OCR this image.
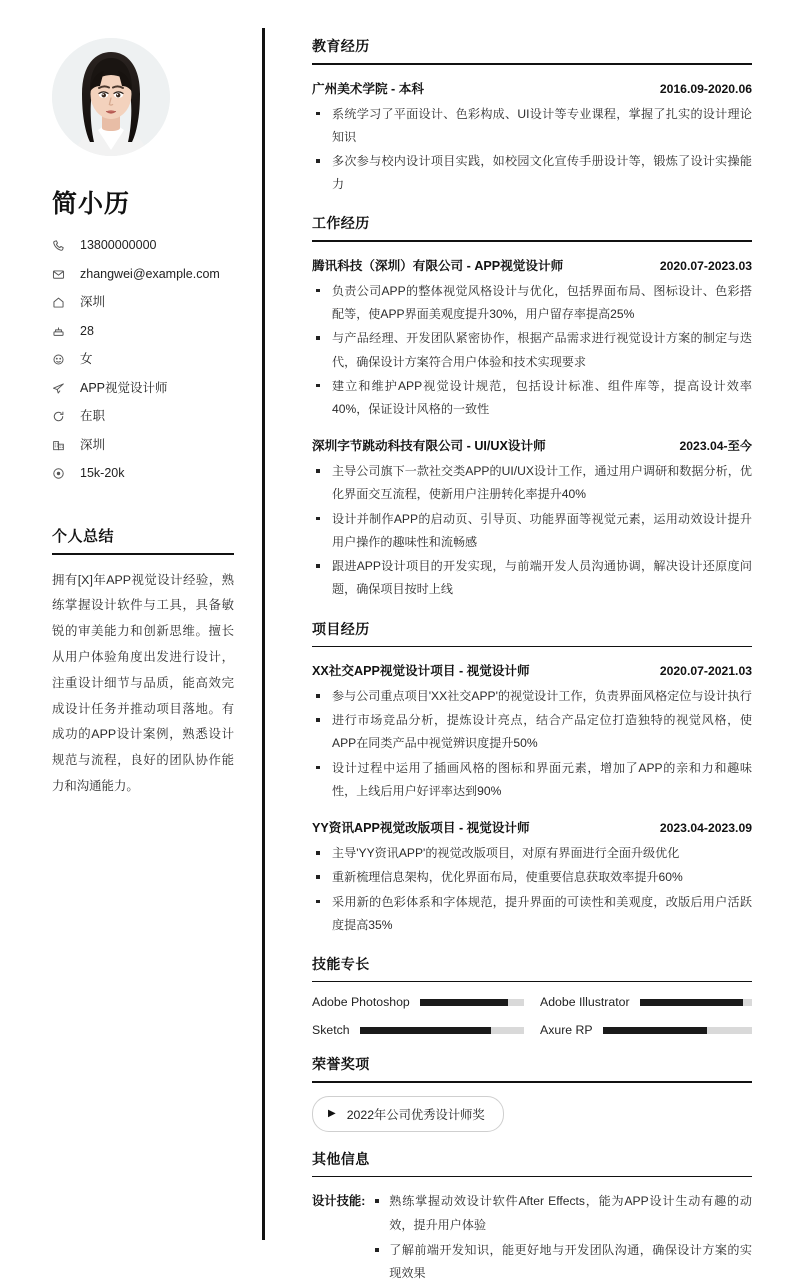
简小历
13800000000
zhangwei@example.com
深圳
28
女
APP视觉设计师
在职
深圳
15k-20k
个人总结
拥有[X]年APP视觉设计经验，熟练掌握设计软件与工具，具备敏锐的审美能力和创新思维。擅长从用户体验角度出发进行设计，注重设计细节与品质，能高效完成设计任务并推动项目落地。有成功的APP设计案例，熟悉设计规范与流程，良好的团队协作能力和沟通能力。
教育经历
广州美术学院 - 本科	2016.09-2020.06
系统学习了平面设计、色彩构成、UI设计等专业课程，掌握了扎实的设计理论知识
多次参与校内设计项目实践，如校园文化宣传手册设计等，锻炼了设计实操能力
工作经历
腾讯科技（深圳）有限公司 - APP视觉设计师	2020.07-2023.03
负责公司APP的整体视觉风格设计与优化，包括界面布局、图标设计、色彩搭配等，使APP界面美观度提升30%，用户留存率提高25%
与产品经理、开发团队紧密协作，根据产品需求进行视觉设计方案的制定与迭代，确保设计方案符合用户体验和技术实现要求
建立和维护APP视觉设计规范，包括设计标准、组件库等，提高设计效率40%，保证设计风格的一致性
深圳字节跳动科技有限公司 - UI/UX设计师	2023.04-至今
主导公司旗下一款社交类APP的UI/UX设计工作，通过用户调研和数据分析，优化界面交互流程，使新用户注册转化率提升40%
设计并制作APP的启动页、引导页、功能界面等视觉元素，运用动效设计提升用户操作的趣味性和流畅感
跟进APP设计项目的开发实现，与前端开发人员沟通协调，解决设计还原度问题，确保项目按时上线
项目经历
XX社交APP视觉设计项目 - 视觉设计师	2020.07-2021.03
参与公司重点项目'XX社交APP'的视觉设计工作，负责界面风格定位与设计执行
进行市场竞品分析，提炼设计亮点，结合产品定位打造独特的视觉风格，使APP在同类产品中视觉辨识度提升50%
设计过程中运用了插画风格的图标和界面元素，增加了APP的亲和力和趣味性，上线后用户好评率达到90%
YY资讯APP视觉改版项目 - 视觉设计师	2023.04-2023.09
主导'YY资讯APP'的视觉改版项目，对原有界面进行全面升级优化
重新梳理信息架构，优化界面布局，使重要信息获取效率提升60%
采用新的色彩体系和字体规范，提升界面的可读性和美观度，改版后用户活跃度提高35%
技能专长
Adobe Photoshop	Adobe Illustrator
Sketch	Axure RP
荣誉奖项
▶ 2022年公司优秀设计师奖
其他信息
设计技能:	熟练掌握动效设计软件After Effects，能为APP设计生动有趣的动效，提升用户体验
了解前端开发知识，能更好地与开发团队沟通，确保设计方案的实现效果
